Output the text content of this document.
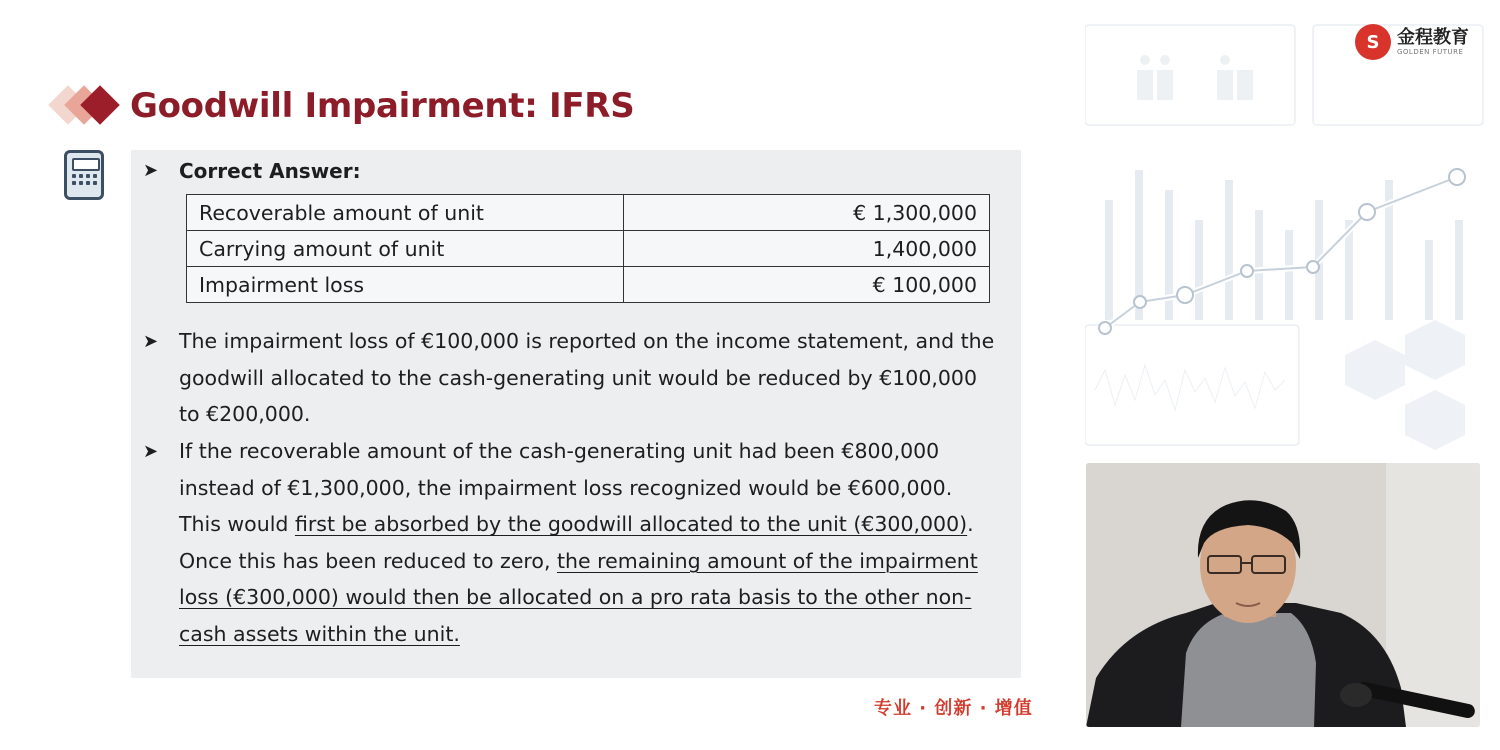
Goodwill Impairment: IFRS
➤	Correct Answer:
Recoverable amount of unit	€ 1,300,000
Carrying amount of unit	1,400,000
Impairment loss	€ 100,000
➤	The impairment loss of €100,000 is reported on the income statement, and the goodwill allocated to the cash-generating unit would be reduced by €100,000 to €200,000.
➤	If the recoverable amount of the cash-generating unit had been €800,000 instead of €1,300,000, the impairment loss recognized would be €600,000. This would first be absorbed by the goodwill allocated to the unit (€300,000). Once this has been reduced to zero, the remaining amount of the impairment loss (€300,000) would then be allocated on a pro rata basis to the other non-cash assets within the unit.
专业 · 创新 · 增值
S 金程教育
GOLDEN FUTURE
